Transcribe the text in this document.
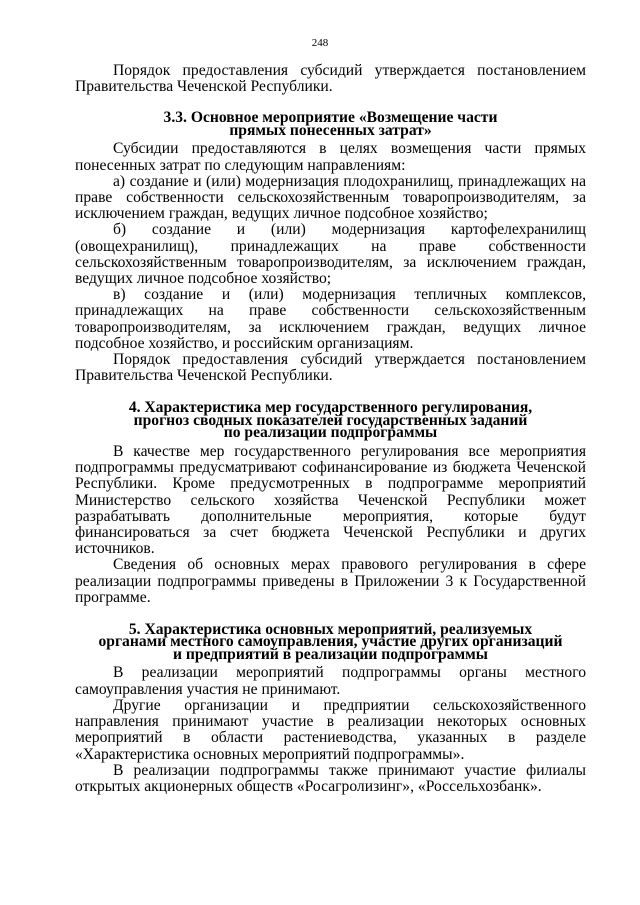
248

Порядок предоставления субсидий утверждается постановлением Правительства Чеченской Республики.

3.3. Основное мероприятие «Возмещение части
прямых понесенных затрат»

Субсидии предоставляются в целях возмещения части прямых понесенных затрат по следующим направлениям:

а) создание и (или) модернизация плодохранилищ, принадлежащих на праве собственности сельскохозяйственным товаропроизводителям, за исключением граждан, ведущих личное подсобное хозяйство;

б) создание и (или) модернизация картофелехранилищ (овощехранилищ), принадлежащих на праве собственности сельскохозяйственным товаропроизводителям, за исключением граждан, ведущих личное подсобное хозяйство;

в) создание и (или) модернизация тепличных комплексов, принадлежащих на праве собственности сельскохозяйственным товаропроизводителям, за исключением граждан, ведущих личное подсобное хозяйство, и российским организациям.

Порядок предоставления субсидий утверждается постановлением Правительства Чеченской Республики.

4. Характеристика мер государственного регулирования,
прогноз сводных показателей государственных заданий
по реализации подпрограммы

В качестве мер государственного регулирования все мероприятия подпрограммы предусматривают софинансирование из бюджета Чеченской Республики. Кроме предусмотренных в подпрограмме мероприятий Министерство сельского хозяйства Чеченской Республики может разрабатывать дополнительные мероприятия, которые будут финансироваться за счет бюджета Чеченской Республики и других источников.

Сведения об основных мерах правового регулирования в сфере реализации подпрограммы приведены в Приложении 3 к Государственной программе.

5. Характеристика основных мероприятий, реализуемых
органами местного самоуправления, участие других организаций
и предприятий в реализации подпрограммы

В реализации мероприятий подпрограммы органы местного самоуправления участия не принимают.

Другие организации и предприятии сельскохозяйственного направления принимают участие в реализации некоторых основных мероприятий в области растениеводства, указанных в разделе «Характеристика основных мероприятий подпрограммы».

В реализации подпрограммы также принимают участие филиалы открытых акционерных обществ «Росагролизинг», «Россельхозбанк».
